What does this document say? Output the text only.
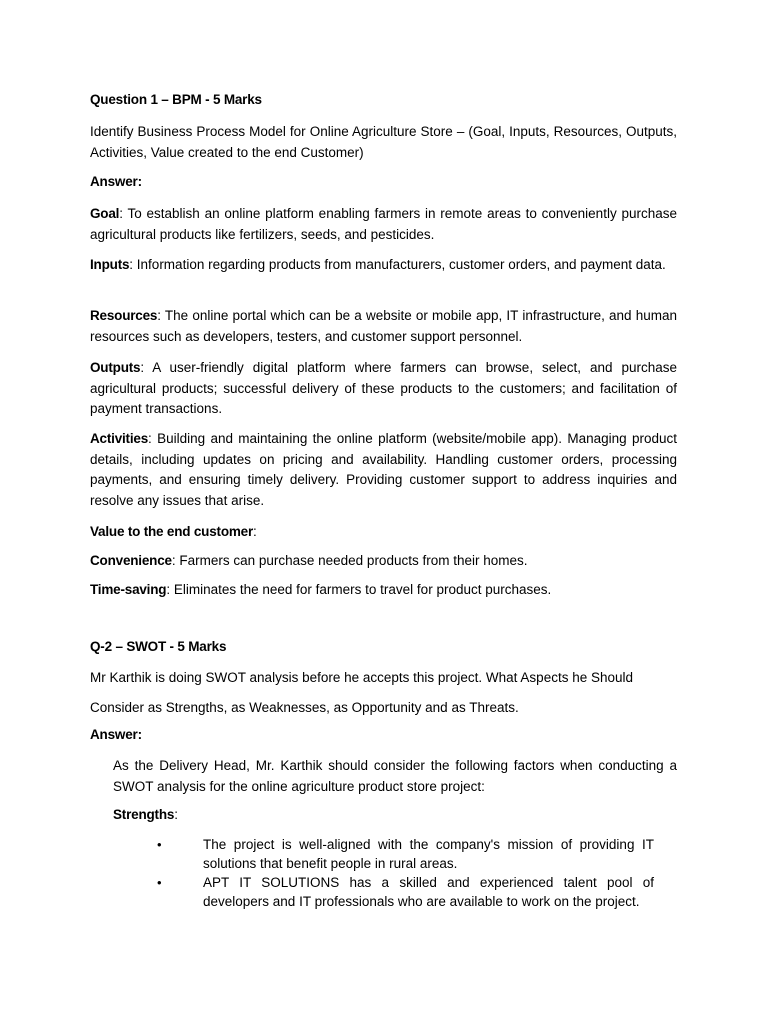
Question 1 – BPM - 5 Marks

Identify Business Process Model for Online Agriculture Store – (Goal, Inputs, Resources, Outputs, Activities, Value created to the end Customer)

Answer:

Goal: To establish an online platform enabling farmers in remote areas to conveniently purchase agricultural products like fertilizers, seeds, and pesticides.

Inputs: Information regarding products from manufacturers, customer orders, and payment data.

Resources: The online portal which can be a website or mobile app, IT infrastructure, and human resources such as developers, testers, and customer support personnel.

Outputs: A user-friendly digital platform where farmers can browse, select, and purchase agricultural products; successful delivery of these products to the customers; and facilitation of payment transactions.

Activities: Building and maintaining the online platform (website/mobile app). Managing product details, including updates on pricing and availability. Handling customer orders, processing payments, and ensuring timely delivery. Providing customer support to address inquiries and resolve any issues that arise.

Value to the end customer:

Convenience: Farmers can purchase needed products from their homes.

Time-saving: Eliminates the need for farmers to travel for product purchases.

Q-2 – SWOT - 5 Marks

Mr Karthik is doing SWOT analysis before he accepts this project. What Aspects he Should

Consider as Strengths, as Weaknesses, as Opportunity and as Threats.

Answer:

As the Delivery Head, Mr. Karthik should consider the following factors when conducting a SWOT analysis for the online agriculture product store project:

Strengths:

•	The project is well-aligned with the company's mission of providing IT solutions that benefit people in rural areas.
•	APT IT SOLUTIONS has a skilled and experienced talent pool of developers and IT professionals who are available to work on the project.
